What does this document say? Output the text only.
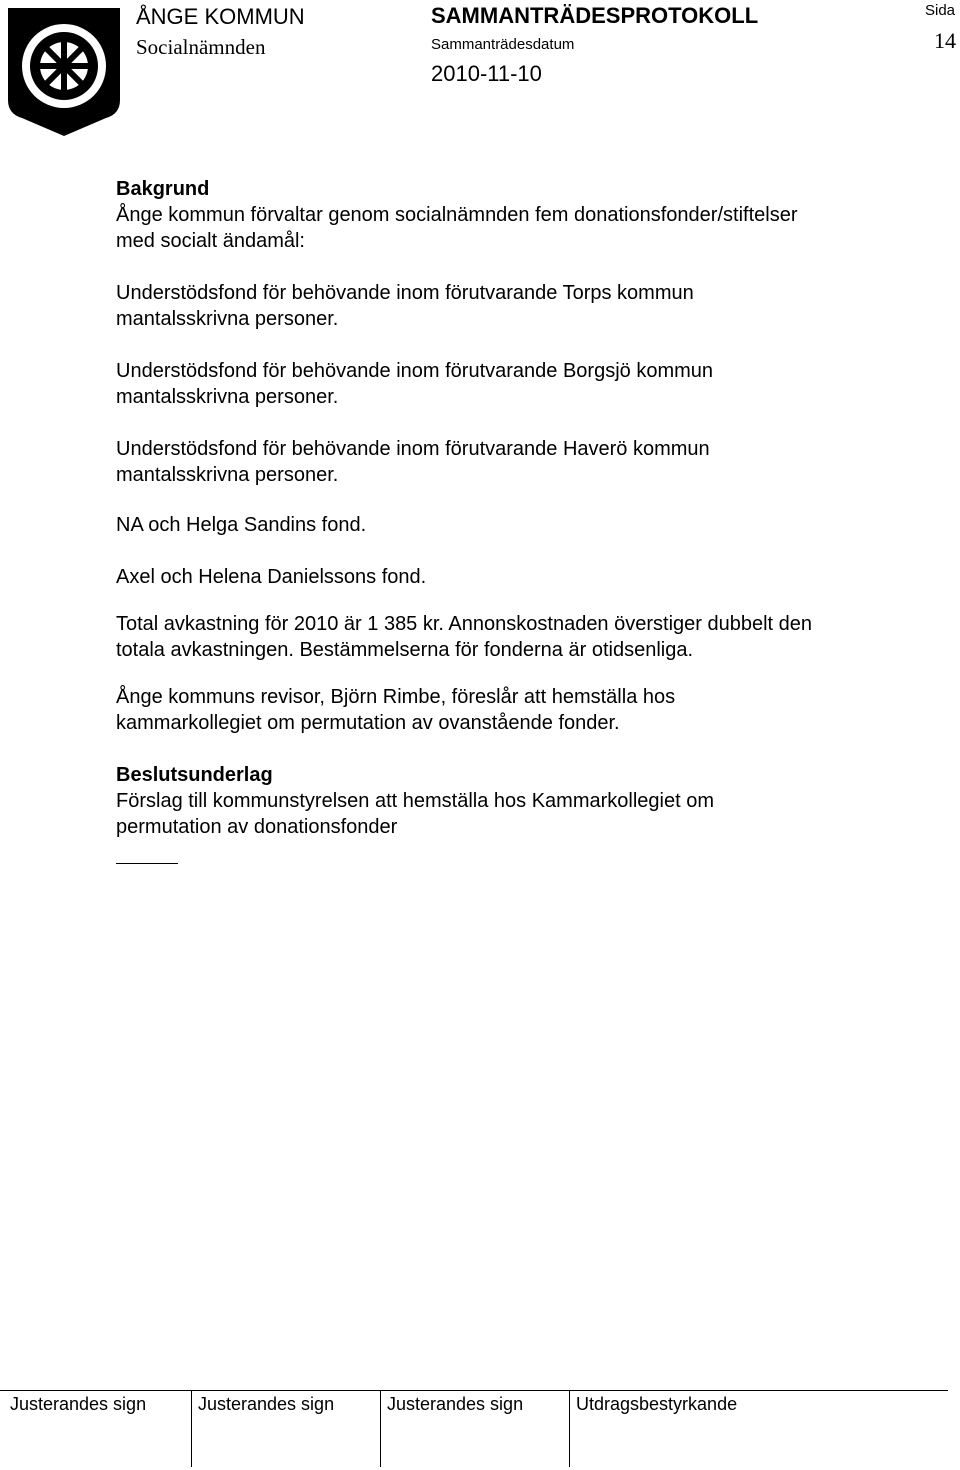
ÅNGE KOMMUN
Socialnämnden
SAMMANTRÄDESPROTOKOLL
Sammanträdesdatum
2010-11-10
Sida
14

Bakgrund

Ånge kommun förvaltar genom socialnämnden fem donationsfonder/stiftelser

med socialt ändamål:

Understödsfond för behövande inom förutvarande Torps kommun

mantalsskrivna personer.

Understödsfond för behövande inom förutvarande Borgsjö kommun

mantalsskrivna personer.

Understödsfond för behövande inom förutvarande Haverö kommun

mantalsskrivna personer.

NA och Helga Sandins fond.

Axel och Helena Danielssons fond.

Total avkastning för 2010 är 1 385 kr. Annonskostnaden överstiger dubbelt den

totala avkastningen. Bestämmelserna för fonderna är otidsenliga.

Ånge kommuns revisor, Björn Rimbe, föreslår att hemställa hos

kammarkollegiet om permutation av ovanstående fonder.

Beslutsunderlag

Förslag till kommunstyrelsen att hemställa hos Kammarkollegiet om

permutation av donationsfonder

Justerandes sign	Justerandes sign	Justerandes sign	Utdragsbestyrkande
